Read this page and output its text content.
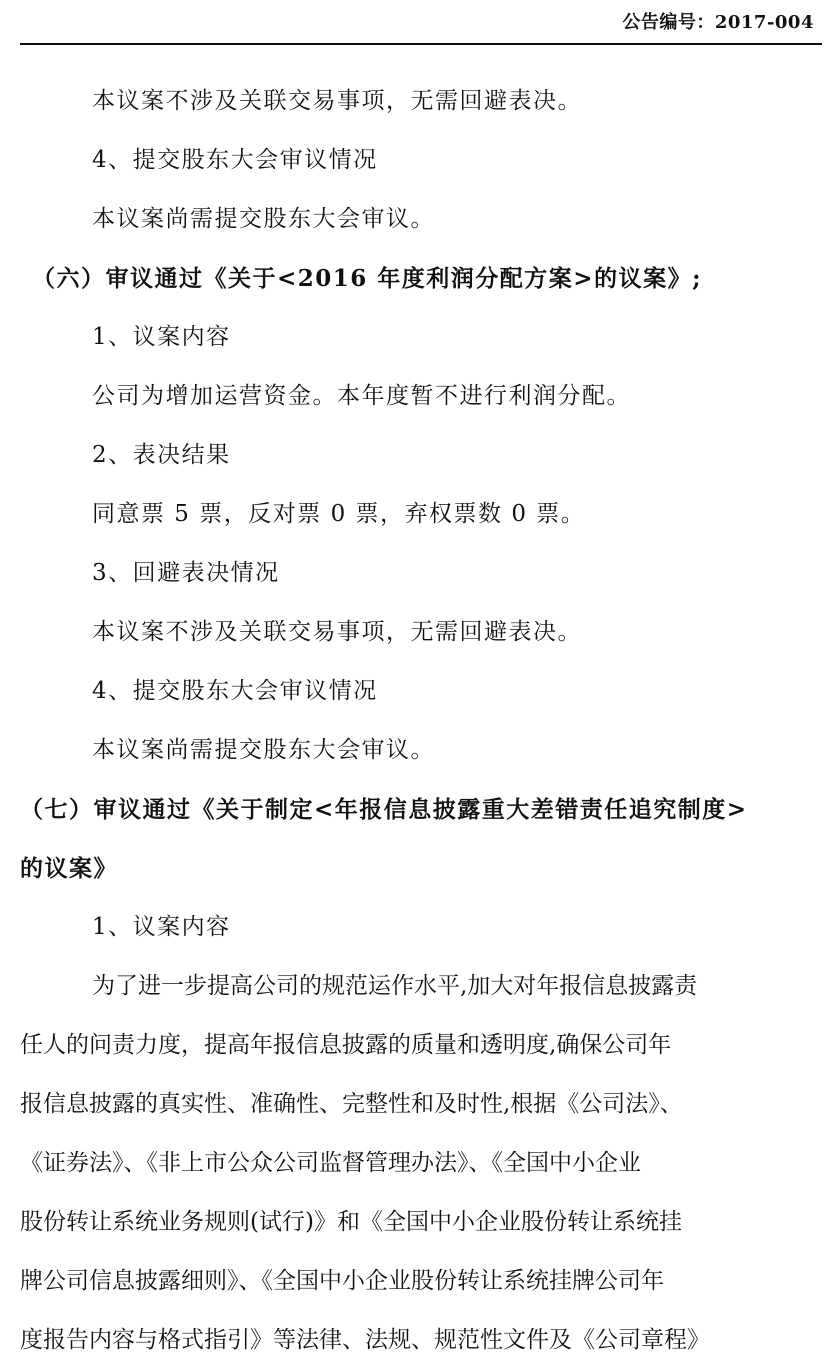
公告编号：2017-004
本议案不涉及关联交易事项，无需回避表决。
4、提交股东大会审议情况
本议案尚需提交股东大会审议。
（六）审议通过《关于<2016 年度利润分配方案>的议案》;
1、议案内容
公司为增加运营资金。本年度暂不进行利润分配。
2、表决结果
同意票 5 票，反对票 0 票，弃权票数 0 票。
3、回避表决情况
本议案不涉及关联交易事项，无需回避表决。
4、提交股东大会审议情况
本议案尚需提交股东大会审议。
（七）审议通过《关于制定<年报信息披露重大差错责任追究制度>
的议案》
1、议案内容
为了进一步提高公司的规范运作水平,加大对年报信息披露责
任人的问责力度，提高年报信息披露的质量和透明度,确保公司年
报信息披露的真实性、准确性、完整性和及时性,根据《公司法》、
《证券法》、《非上市公众公司监督管理办法》、《全国中小企业
股份转让系统业务规则(试行)》和《全国中小企业股份转让系统挂
牌公司信息披露细则》、《全国中小企业股份转让系统挂牌公司年
度报告内容与格式指引》等法律、法规、规范性文件及《公司章程》
